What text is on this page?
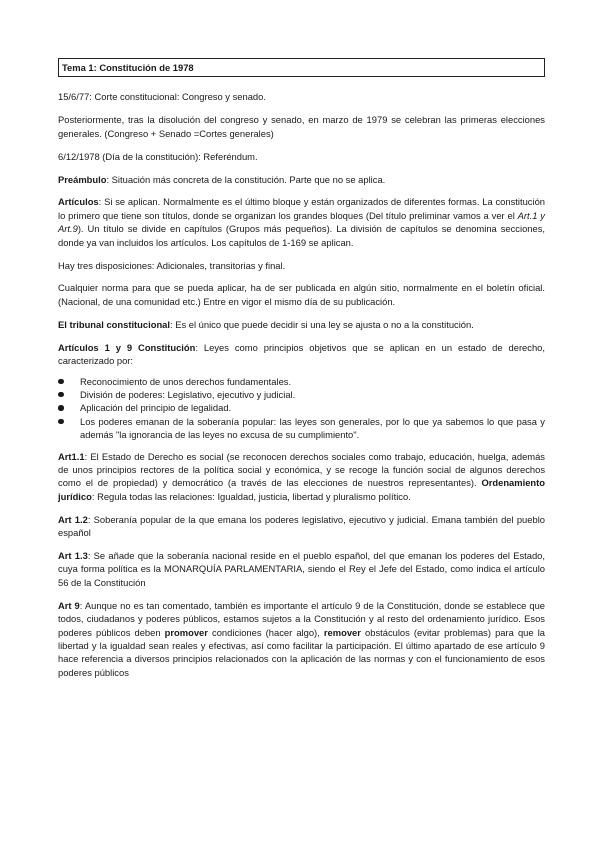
Tema 1: Constitución de 1978

15/6/77: Corte constitucional: Congreso y senado.

Posteriormente, tras la disolución del congreso y senado, en marzo de 1979 se celebran las primeras elecciones generales. (Congreso + Senado =Cortes generales)

6/12/1978 (Día de la constitución): Referéndum.

Preámbulo: Situación más concreta de la constitución. Parte que no se aplica.

Artículos: Si se aplican. Normalmente es el último bloque y están organizados de diferentes formas. La constitución lo primero que tiene son títulos, donde se organizan los grandes bloques (Del título preliminar vamos a ver el Art.1 y Art.9). Un título se divide en capítulos (Grupos más pequeños). La división de capítulos se denomina secciones, donde ya van incluidos los artículos. Los capítulos de 1-169 se aplican.

Hay tres disposiciones: Adicionales, transitorias y final.

Cualquier norma para que se pueda aplicar, ha de ser publicada en algún sitio, normalmente en el boletín oficial. (Nacional, de una comunidad etc.) Entre en vigor el mismo día de su publicación.

El tribunal constitucional: Es el único que puede decidir si una ley se ajusta o no a la constitución.

Artículos 1 y 9 Constitución: Leyes como principios objetivos que se aplican en un estado de derecho, caracterizado por:

Reconocimiento de unos derechos fundamentales.
División de poderes: Legislativo, ejecutivo y judicial.
Aplicación del principio de legalidad.
Los poderes emanan de la soberanía popular: las leyes son generales, por lo que ya sabemos lo que pasa y además "la ignorancia de las leyes no excusa de su cumplimiento".

Art1.1: El Estado de Derecho es social (se reconocen derechos sociales como trabajo, educación, huelga, además de unos principios rectores de la política social y económica, y se recoge la función social de algunos derechos como el de propiedad) y democrático (a través de las elecciones de nuestros representantes). Ordenamiento jurídico: Regula todas las relaciones: Igualdad, justicia, libertad y pluralismo político.

Art 1.2: Soberanía popular de la que emana los poderes legislativo, ejecutivo y judicial. Emana también del pueblo español

Art 1.3: Se añade que la soberanía nacional reside en el pueblo español, del que emanan los poderes del Estado, cuya forma política es la MONARQUÍA PARLAMENTARIA, siendo el Rey el Jefe del Estado, como indica el artículo 56 de la Constitución

Art 9: Aunque no es tan comentado, también es importante el artículo 9 de la Constitución, donde se establece que todos, ciudadanos y poderes públicos, estamos sujetos a la Constitución y al resto del ordenamiento jurídico. Esos poderes públicos deben promover condiciones (hacer algo), remover obstáculos (evitar problemas) para que la libertad y la igualdad sean reales y efectivas, así como facilitar la participación. El último apartado de ese artículo 9 hace referencia a diversos principios relacionados con la aplicación de las normas y con el funcionamiento de esos poderes públicos
